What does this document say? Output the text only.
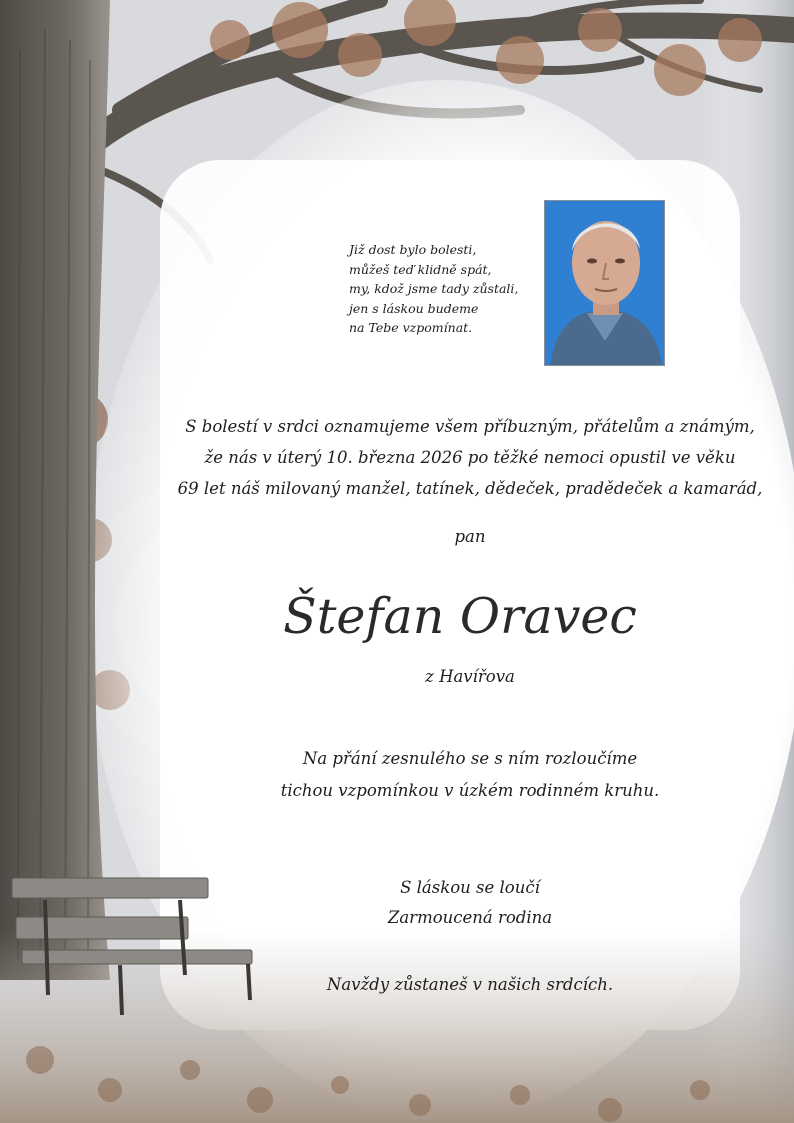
Již dost bylo bolesti,
můžeš teď klidně spát,
my, kdož jsme tady zůstali,
jen s láskou budeme
na Tebe vzpomínat.
S bolestí v srdci oznamujeme všem příbuzným, přátelům a známým,
že nás v úterý 10. března 2026 po těžké nemoci opustil ve věku
69 let náš milovaný manžel, tatínek, dědeček, pradědeček a kamarád,
pan
Štefan Oravec
z Havířova
Na přání zesnulého se s ním rozloučíme
tichou vzpomínkou v úzkém rodinném kruhu.
S láskou se loučí
Zarmoucená rodina
Navždy zůstaneš v našich srdcích.
